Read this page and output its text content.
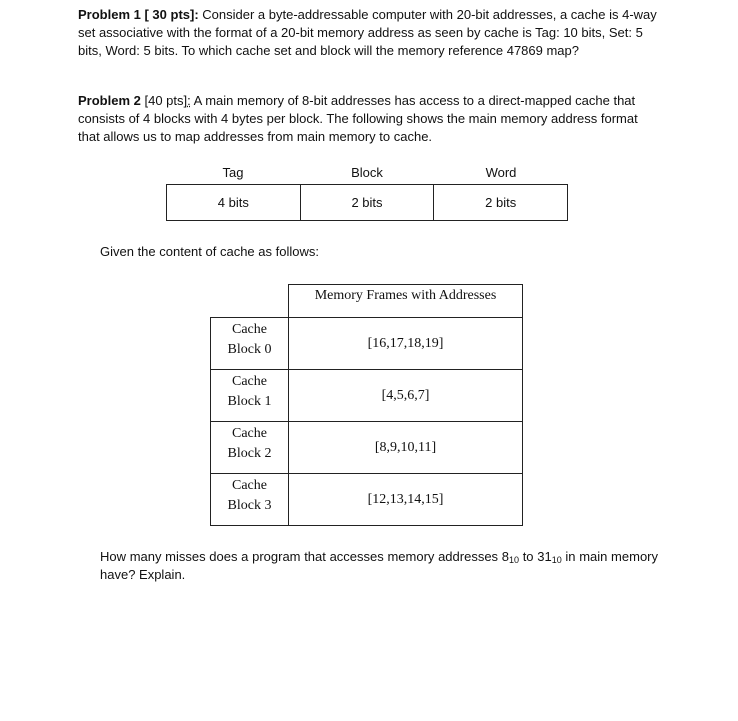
Problem 1 [ 30 pts]: Consider a byte-addressable computer with 20-bit addresses, a cache is 4-way set associative with the format of a 20-bit memory address as seen by cache is Tag: 10 bits, Set: 5 bits, Word: 5 bits. To which cache set and block will the memory reference 47869 map?
Problem 2 [40 pts]: A main memory of 8-bit addresses has access to a direct-mapped cache that consists of 4 blocks with 4 bytes per block. The following shows the main memory address format that allows us to map addresses from main memory to cache.
Tag	Block	Word
4 bits	2 bits	2 bits
Given the content of cache as follows:
Memory Frames with Addresses
Cache
Block 0	[16,17,18,19]
Cache
Block 1	[4,5,6,7]
Cache
Block 2	[8,9,10,11]
Cache
Block 3	[12,13,14,15]
How many misses does a program that accesses memory addresses $8_{10}$ to $31_{10}$ in main memory have? Explain.
